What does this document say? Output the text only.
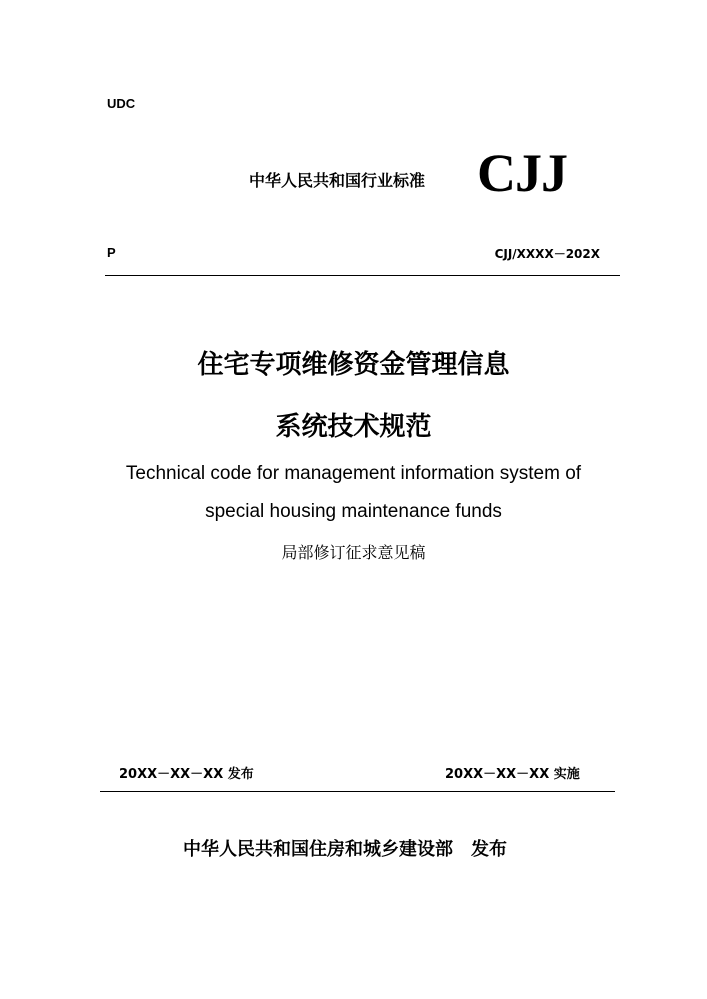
UDC
中华人民共和国行业标准 CJJ
P	CJJ/XXXX－202X
住宅专项维修资金管理信息
系统技术规范
Technical code for management information system of
special housing maintenance funds
局部修订征求意见稿
20XX－XX－XX 发布	20XX－XX－XX 实施
中华人民共和国住房和城乡建设部 发布
